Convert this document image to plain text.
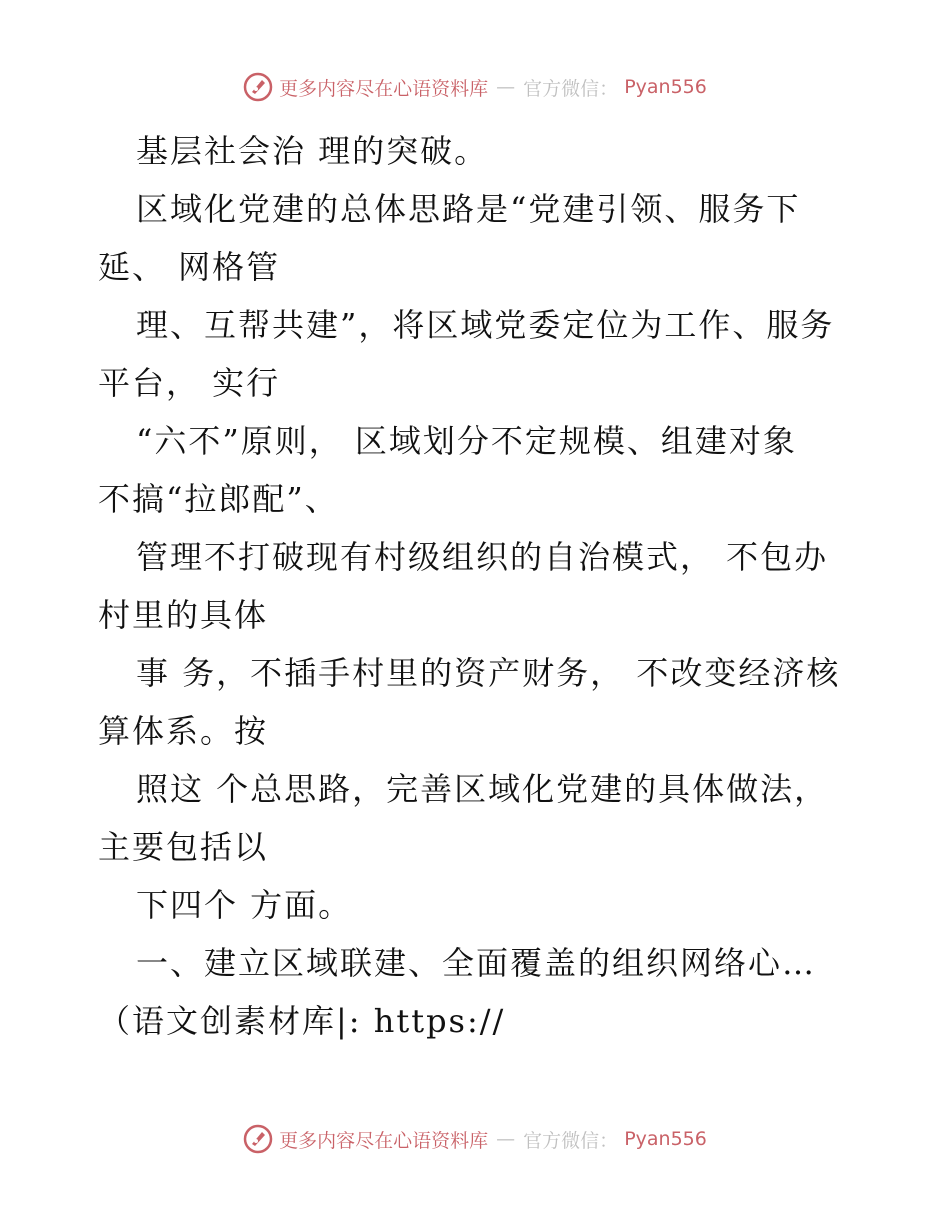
更多内容尽在心语资料库 — 官方微信： Pyan556
基层社会治 理的突破。
区域化党建的总体思路是“党建引领、服务下
延、 网格管
理、互帮共建”，将区域党委定位为工作、服务
平台， 实行
“六不”原则， 区域划分不定规模、组建对象
不搞“拉郎配”、
管理不打破现有村级组织的自治模式， 不包办
村里的具体
事 务，不插手村里的资产财务， 不改变经济核
算体系。按
照这 个总思路，完善区域化党建的具体做法，
主要包括以
下四个 方面。
一、建立区域联建、全面覆盖的组织网络心…
（语文创素材库|: https://
更多内容尽在心语资料库 — 官方微信： Pyan556
